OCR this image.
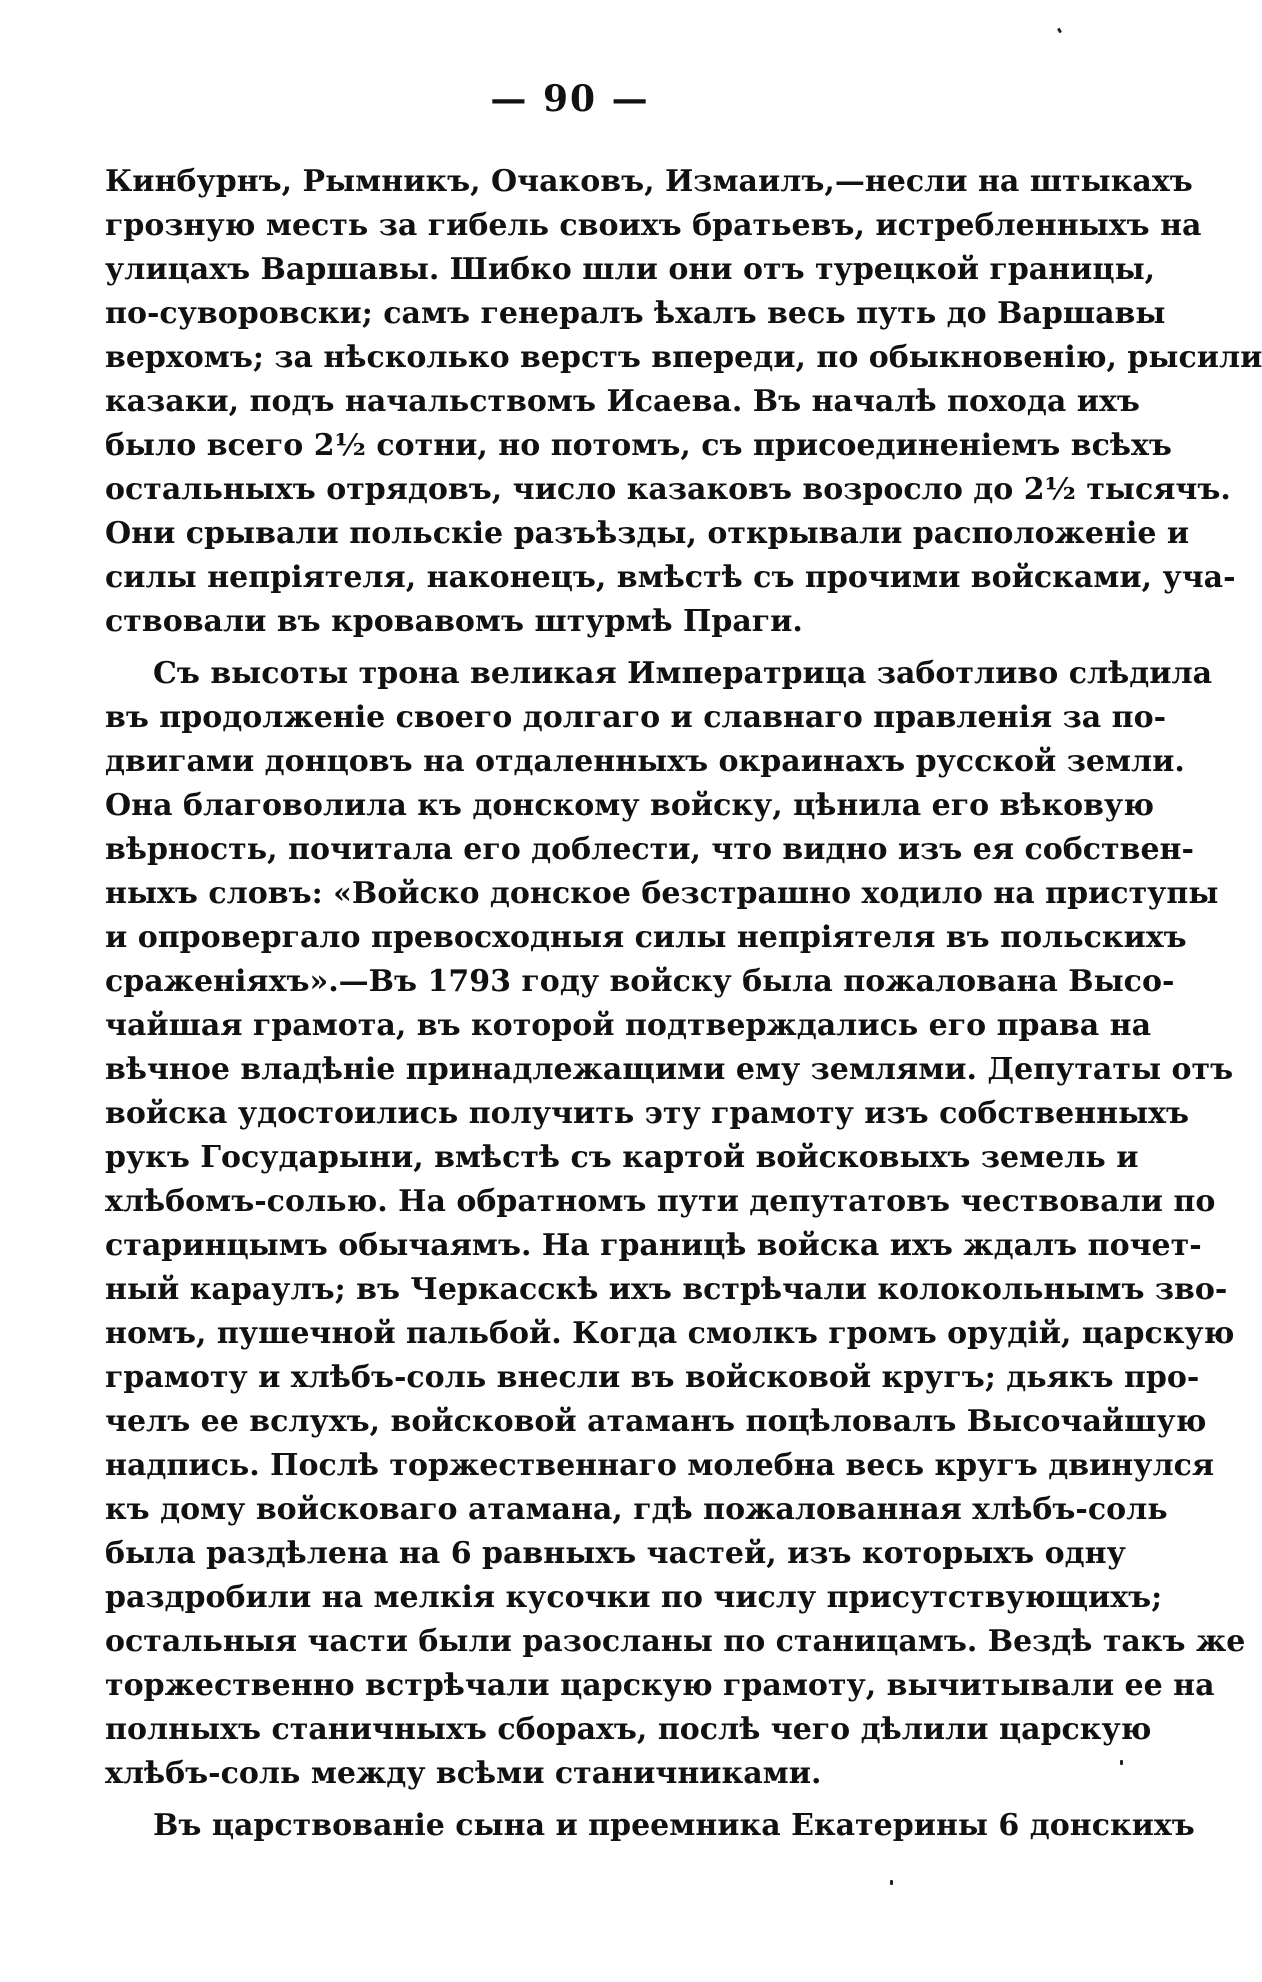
— 90 —
Кинбурнъ, Рымникъ, Очаковъ, Измаилъ,—несли на штыкахъ
грозную месть за гибель своихъ братьевъ, истребленныхъ на
улицахъ Варшавы. Шибко шли они отъ турецкой границы,
по-суворовски; самъ генералъ ѣхалъ весь путь до Варшавы
верхомъ; за нѣсколько верстъ впереди, по обыкновенію, рысили
казаки, подъ начальствомъ Исаева. Въ началѣ похода ихъ
было всего 2½ сотни, но потомъ, съ присоединеніемъ всѣхъ
остальныхъ отрядовъ, число казаковъ возросло до 2½ тысячъ.
Они срывали польскіе разъѣзды, открывали расположеніе и
силы непріятеля, наконецъ, вмѣстѣ съ прочими войсками, уча-
ствовали въ кровавомъ штурмѣ Праги.
Съ высоты трона великая Императрица заботливо слѣдила
въ продолженіе своего долгаго и славнаго правленія за по-
двигами донцовъ на отдаленныхъ окраинахъ русской земли.
Она благоволила къ донскому войску, цѣнила его вѣковую
вѣрность, почитала его доблести, что видно изъ ея собствен-
ныхъ словъ: «Войско донское безстрашно ходило на приступы
и опровергало превосходныя силы непріятеля въ польскихъ
сраженіяхъ».—Въ 1793 году войску была пожалована Высо-
чайшая грамота, въ которой подтверждались его права на
вѣчное владѣніе принадлежащими ему землями. Депутаты отъ
войска удостоились получить эту грамоту изъ собственныхъ
рукъ Государыни, вмѣстѣ съ картой войсковыхъ земель и
хлѣбомъ-солью. На обратномъ пути депутатовъ чествовали по
старинцымъ обычаямъ. На границѣ войска ихъ ждалъ почет-
ный караулъ; въ Черкасскѣ ихъ встрѣчали колокольнымъ зво-
номъ, пушечной пальбой. Когда смолкъ громъ орудій, царскую
грамоту и хлѣбъ-соль внесли въ войсковой кругъ; дьякъ про-
челъ ее вслухъ, войсковой атаманъ поцѣловалъ Высочайшую
надпись. Послѣ торжественнаго молебна весь кругъ двинулся
къ дому войсковаго атамана, гдѣ пожалованная хлѣбъ-соль
была раздѣлена на 6 равныхъ частей, изъ которыхъ одну
раздробили на мелкія кусочки по числу присутствующихъ;
остальныя части были разосланы по станицамъ. Вездѣ такъ же
торжественно встрѣчали царскую грамоту, вычитывали ее на
полныхъ станичныхъ сборахъ, послѣ чего дѣлили царскую
хлѣбъ-соль между всѣми станичниками.
Въ царствованіе сына и преемника Екатерины 6 донскихъ
